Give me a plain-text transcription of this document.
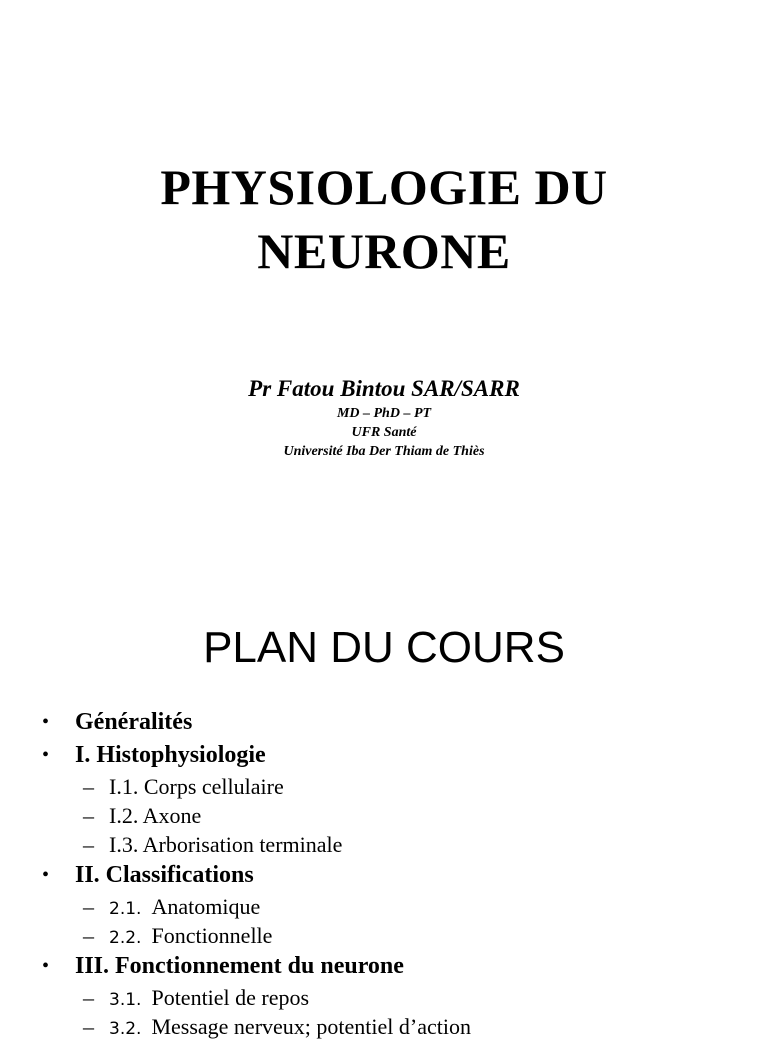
PHYSIOLOGIE DU
NEURONE
Pr Fatou Bintou SAR/SARR
MD – PhD – PT
UFR Santé
Université Iba Der Thiam de Thiès
PLAN DU COURS
• Généralités
• I. Histophysiologie
– I.1. Corps cellulaire
– I.2. Axone
– I.3. Arborisation terminale
• II. Classifications
– 2.1. Anatomique
– 2.2. Fonctionnelle
• III. Fonctionnement du neurone
– 3.1. Potentiel de repos
– 3.2. Message nerveux; potentiel d’action
